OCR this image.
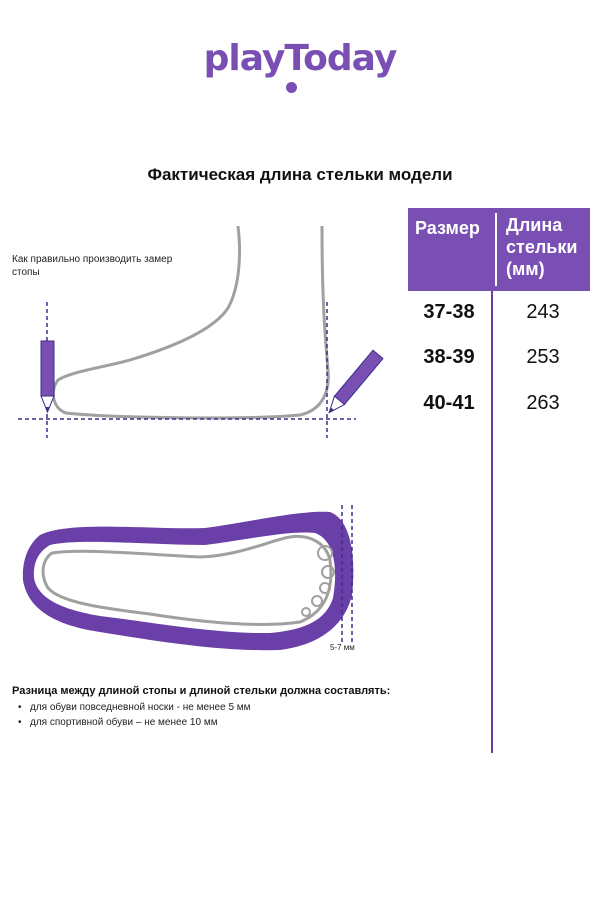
playToday
Фактическая длина стельки модели
Как правильно производить замер стопы
5-7 мм
Размер Длина
стельки
(мм)
37-38	243
38-39	253
40-41	263
Разница между длиной стопы и длиной стельки должна составлять:
• для обуви повседневной носки - не менее 5 мм
• для спортивной обуви – не менее 10 мм
